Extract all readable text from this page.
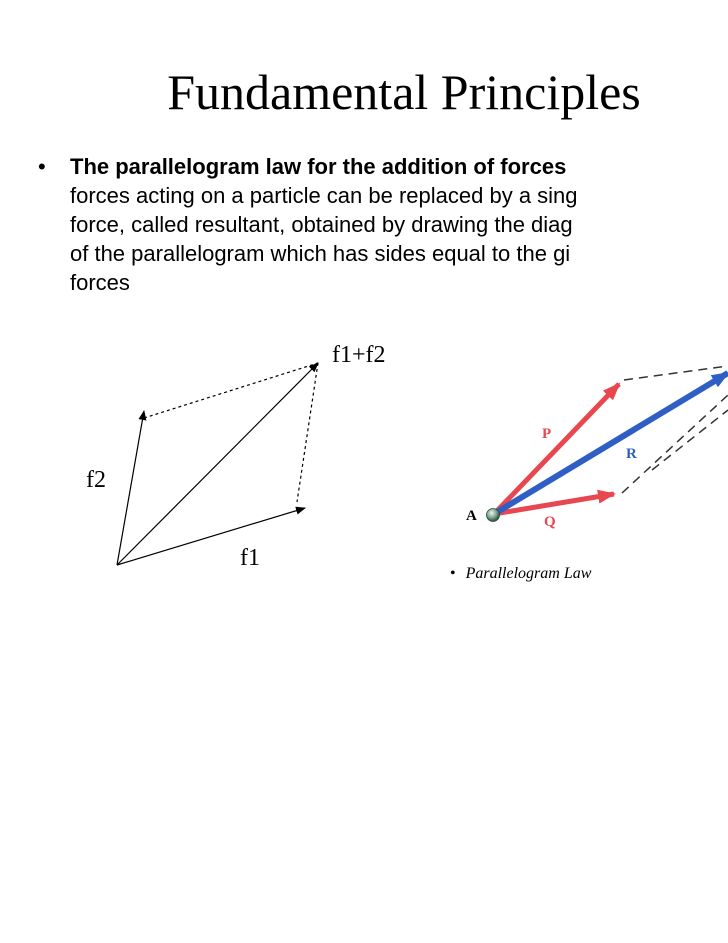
Fundamental Principles
• The parallelogram law for the addition of forces
forces acting on a particle can be replaced by a sing
force, called resultant, obtained by drawing the diag
of the parallelogram which has sides equal to the gi
forces
f1+f2
f2
f1
A
P
Q
R
• Parallelogram Law
